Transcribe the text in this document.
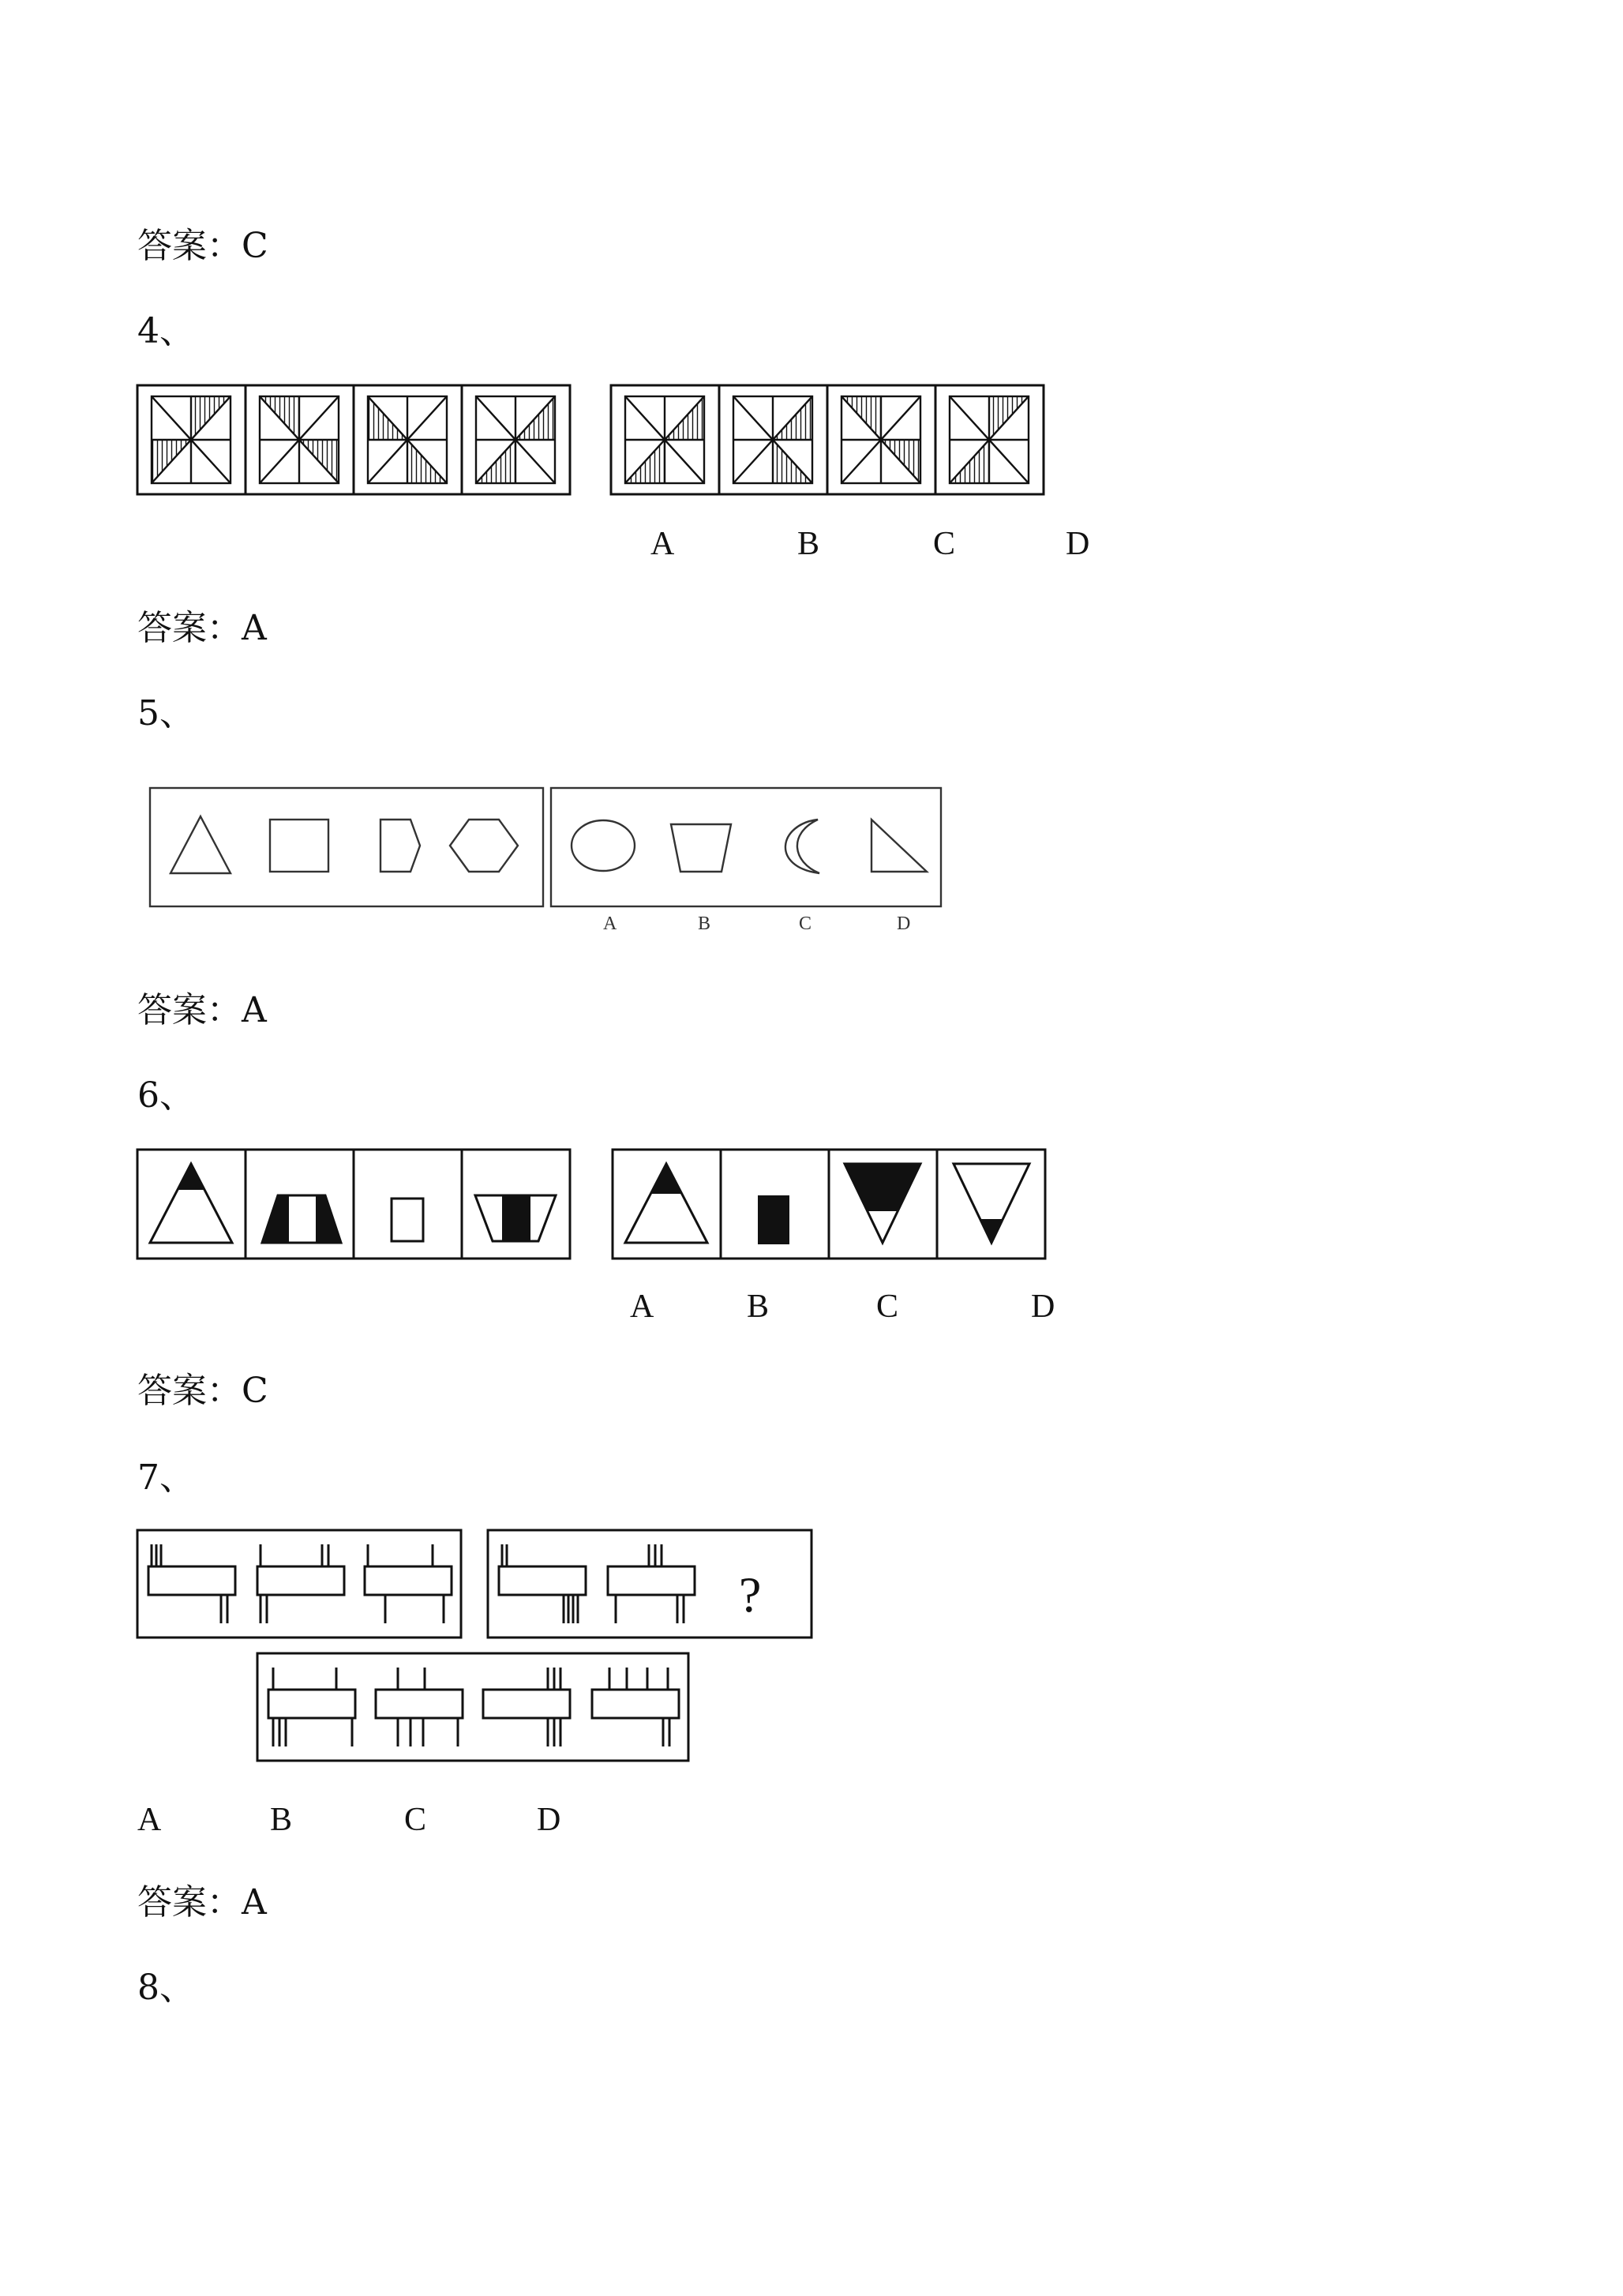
答案：C
4、
A	B	C	D
答案：A
5、
A	B	C	D
答案：A
6、
A	B	C	D
答案：C
7、
?
A	B	C	D
答案：A
8、
